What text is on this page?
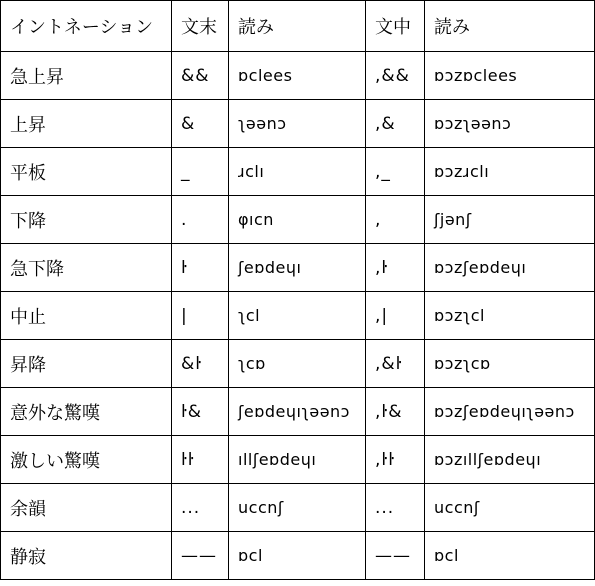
イントネーション	文末	読み	文中	読み
急上昇	&&	ɒclees	,&&	ɒɔzɒclees
上昇	&	ʅəənɔ	,&	ɒɔzʅəənɔ
平板	_	ɹclı	,_	ɒɔzɹclı
下降	.	φıcn	,	ʃjənʃ
急下降	ŀ	ʃeɒdeɥı	,ŀ	ɒɔzʃeɒdeɥı
中止	|	ʅcl	,|	ɒɔzʅcl
昇降	&ŀ	ʅcɒ	,&ŀ	ɒɔzʅcɒ
意外な驚嘆	ŀ&	ʃeɒdeɥıʅəənɔ	,ŀ&	ɒɔzʃeɒdeɥıʅəənɔ
激しい驚嘆	ŀŀ	ıllʃeɒdeɥı	,ŀŀ	ɒɔzıllʃeɒdeɥı
余韻	...	uccnʃ	...	uccnʃ
静寂	——	ɒcl	——	ɒcl
